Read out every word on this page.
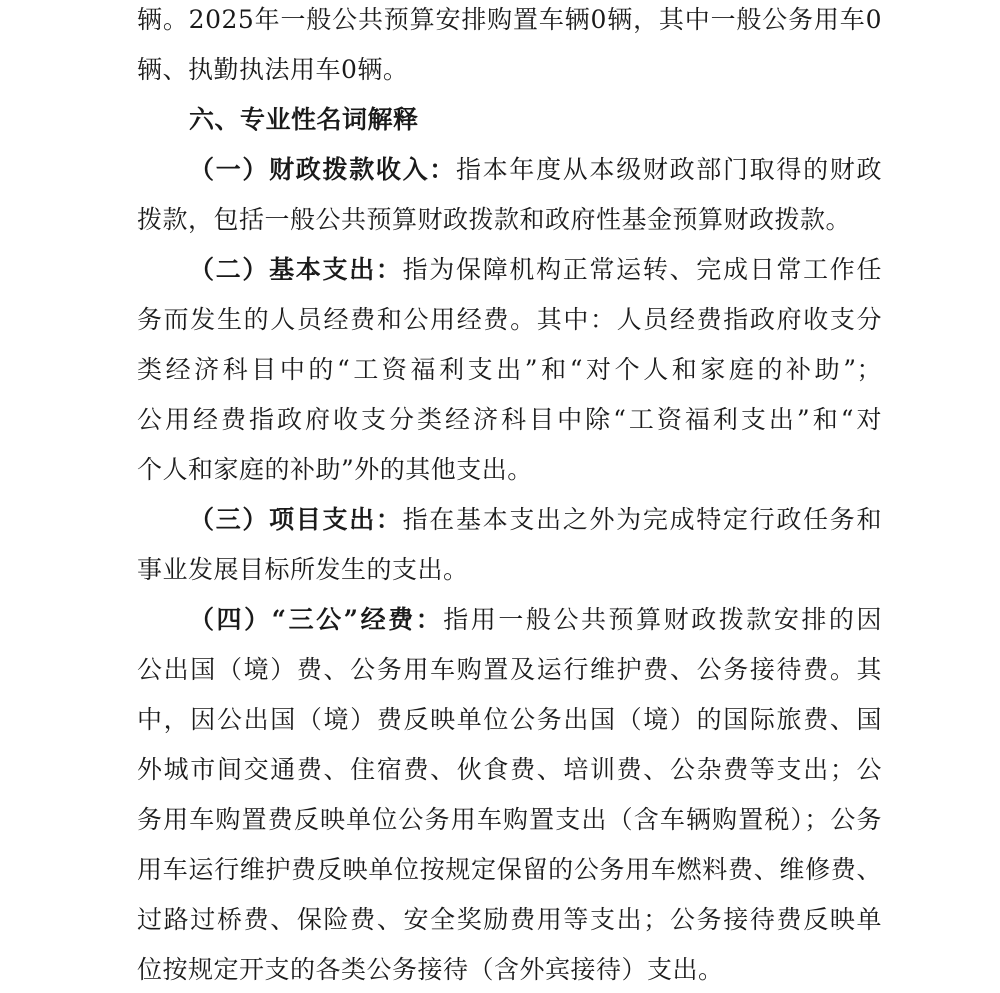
辆。2025年一般公共预算安排购置车辆0辆，其中一般公务用车0
辆、执勤执法用车0辆。
六、专业性名词解释
（一）财政拨款收入：指本年度从本级财政部门取得的财政
拨款，包括一般公共预算财政拨款和政府性基金预算财政拨款。
（二）基本支出：指为保障机构正常运转、完成日常工作任
务而发生的人员经费和公用经费。其中：人员经费指政府收支分
类经济科目中的“工资福利支出”和“对个人和家庭的补助”；
公用经费指政府收支分类经济科目中除“工资福利支出”和“对
个人和家庭的补助”外的其他支出。
（三）项目支出：指在基本支出之外为完成特定行政任务和
事业发展目标所发生的支出。
（四）“三公”经费：指用一般公共预算财政拨款安排的因
公出国（境）费、公务用车购置及运行维护费、公务接待费。其
中，因公出国（境）费反映单位公务出国（境）的国际旅费、国
外城市间交通费、住宿费、伙食费、培训费、公杂费等支出；公
务用车购置费反映单位公务用车购置支出（含车辆购置税）；公务
用车运行维护费反映单位按规定保留的公务用车燃料费、维修费、
过路过桥费、保险费、安全奖励费用等支出；公务接待费反映单
位按规定开支的各类公务接待（含外宾接待）支出。
